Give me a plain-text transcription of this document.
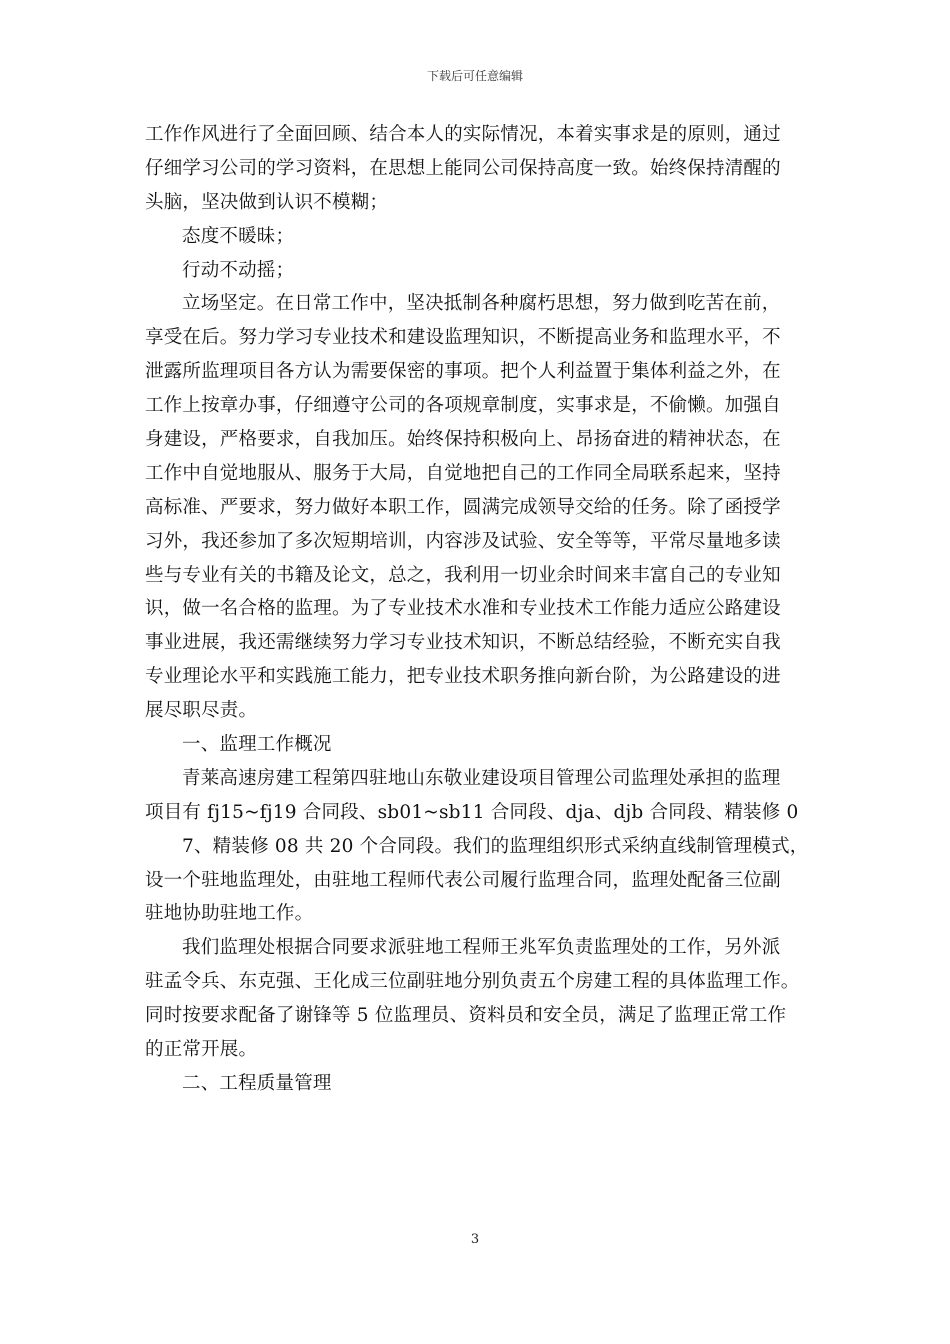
下载后可任意编辑
工作作风进行了全面回顾、结合本人的实际情况，本着实事求是的原则，通过
仔细学习公司的学习资料，在思想上能同公司保持高度一致。始终保持清醒的
头脑，坚决做到认识不模糊；
态度不暖昧；
行动不动摇；
立场坚定。在日常工作中，坚决抵制各种腐朽思想，努力做到吃苦在前，
享受在后。努力学习专业技术和建设监理知识，不断提高业务和监理水平，不
泄露所监理项目各方认为需要保密的事项。把个人利益置于集体利益之外，在
工作上按章办事，仔细遵守公司的各项规章制度，实事求是，不偷懒。加强自
身建设，严格要求，自我加压。始终保持积极向上、昂扬奋进的精神状态，在
工作中自觉地服从、服务于大局，自觉地把自己的工作同全局联系起来，坚持
高标准、严要求，努力做好本职工作，圆满完成领导交给的任务。除了函授学
习外，我还参加了多次短期培训，内容涉及试验、安全等等，平常尽量地多读
些与专业有关的书籍及论文，总之，我利用一切业余时间来丰富自己的专业知
识，做一名合格的监理。为了专业技术水准和专业技术工作能力适应公路建设
事业进展，我还需继续努力学习专业技术知识，不断总结经验，不断充实自我
专业理论水平和实践施工能力，把专业技术职务推向新台阶，为公路建设的进
展尽职尽责。
一、监理工作概况
青莱高速房建工程第四驻地山东敬业建设项目管理公司监理处承担的监理
项目有 fj15~fj19 合同段、sb01~sb11 合同段、dja、djb 合同段、精装修 0
7、精装修 08 共 20 个合同段。我们的监理组织形式采纳直线制管理模式，
设一个驻地监理处，由驻地工程师代表公司履行监理合同，监理处配备三位副
驻地协助驻地工作。
我们监理处根据合同要求派驻地工程师王兆军负责监理处的工作，另外派
驻孟令兵、东克强、王化成三位副驻地分别负责五个房建工程的具体监理工作。
同时按要求配备了谢锋等 5 位监理员、资料员和安全员，满足了监理正常工作
的正常开展。
二、工程质量管理
3
